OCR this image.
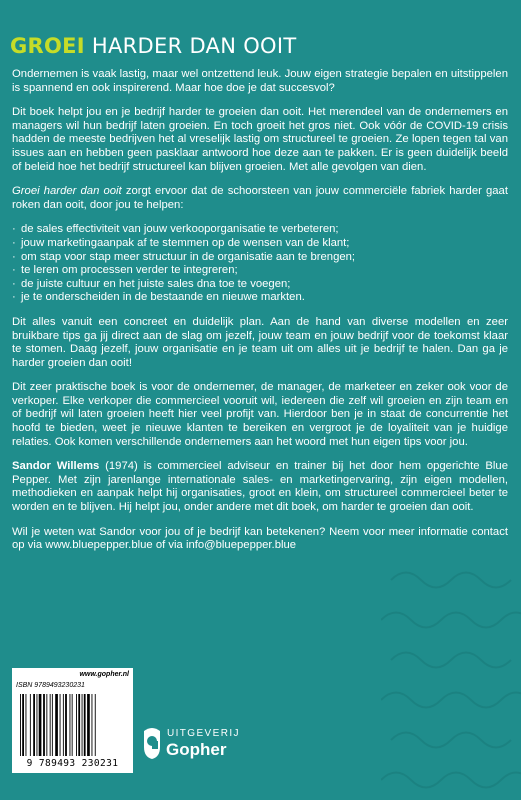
GROEI HARDER DAN OOIT

Ondernemen is vaak lastig, maar wel ontzettend leuk. Jouw eigen strategie bepalen en uitstippelen is spannend en ook inspirerend. Maar hoe doe je dat succesvol?

Dit boek helpt jou en je bedrijf harder te groeien dan ooit. Het merendeel van de ondernemers en managers wil hun bedrijf laten groeien. En toch groeit het gros niet. Ook vóór de COVID-19 crisis hadden de meeste bedrijven het al vreselijk lastig om structureel te groeien. Ze lopen tegen tal van issues aan en hebben geen pasklaar antwoord hoe deze aan te pakken. Er is geen duidelijk beeld of beleid hoe het bedrijf structureel kan blijven groeien. Met alle gevolgen van dien.

Groei harder dan ooit zorgt ervoor dat de schoorsteen van jouw commerciële fabriek harder gaat roken dan ooit, door jou te helpen:

· de sales effectiviteit van jouw verkooporganisatie te verbeteren;
· jouw marketingaanpak af te stemmen op de wensen van de klant;
· om stap voor stap meer structuur in de organisatie aan te brengen;
· te leren om processen verder te integreren;
· de juiste cultuur en het juiste sales dna toe te voegen;
· je te onderscheiden in de bestaande en nieuwe markten.

Dit alles vanuit een concreet en duidelijk plan. Aan de hand van diverse modellen en zeer bruikbare tips ga jij direct aan de slag om jezelf, jouw team en jouw bedrijf voor de toekomst klaar te stomen. Daag jezelf, jouw organisatie en je team uit om alles uit je bedrijf te halen. Dan ga je harder groeien dan ooit!

Dit zeer praktische boek is voor de ondernemer, de manager, de marketeer en zeker ook voor de verkoper. Elke verkoper die commercieel vooruit wil, iedereen die zelf wil groeien en zijn team en of bedrijf wil laten groeien heeft hier veel profijt van. Hierdoor ben je in staat de concurrentie het hoofd te bieden, weet je nieuwe klanten te bereiken en vergroot je de loyaliteit van je huidige relaties. Ook komen verschillende ondernemers aan het woord met hun eigen tips voor jou.

Sandor Willems (1974) is commercieel adviseur en trainer bij het door hem opgerichte Blue Pepper. Met zijn jarenlange internationale sales- en marketingervaring, zijn eigen modellen, methodieken en aanpak helpt hij organisaties, groot en klein, om structureel commercieel beter te worden en te blijven. Hij helpt jou, onder andere met dit boek, om harder te groeien dan ooit.

Wil je weten wat Sandor voor jou of je bedrijf kan betekenen? Neem voor meer informatie contact op via www.bluepepper.blue of via info@bluepepper.blue

www.gopher.nl
ISBN 9789493230231
9 789493 230231
UITGEVERIJ
Gopher
